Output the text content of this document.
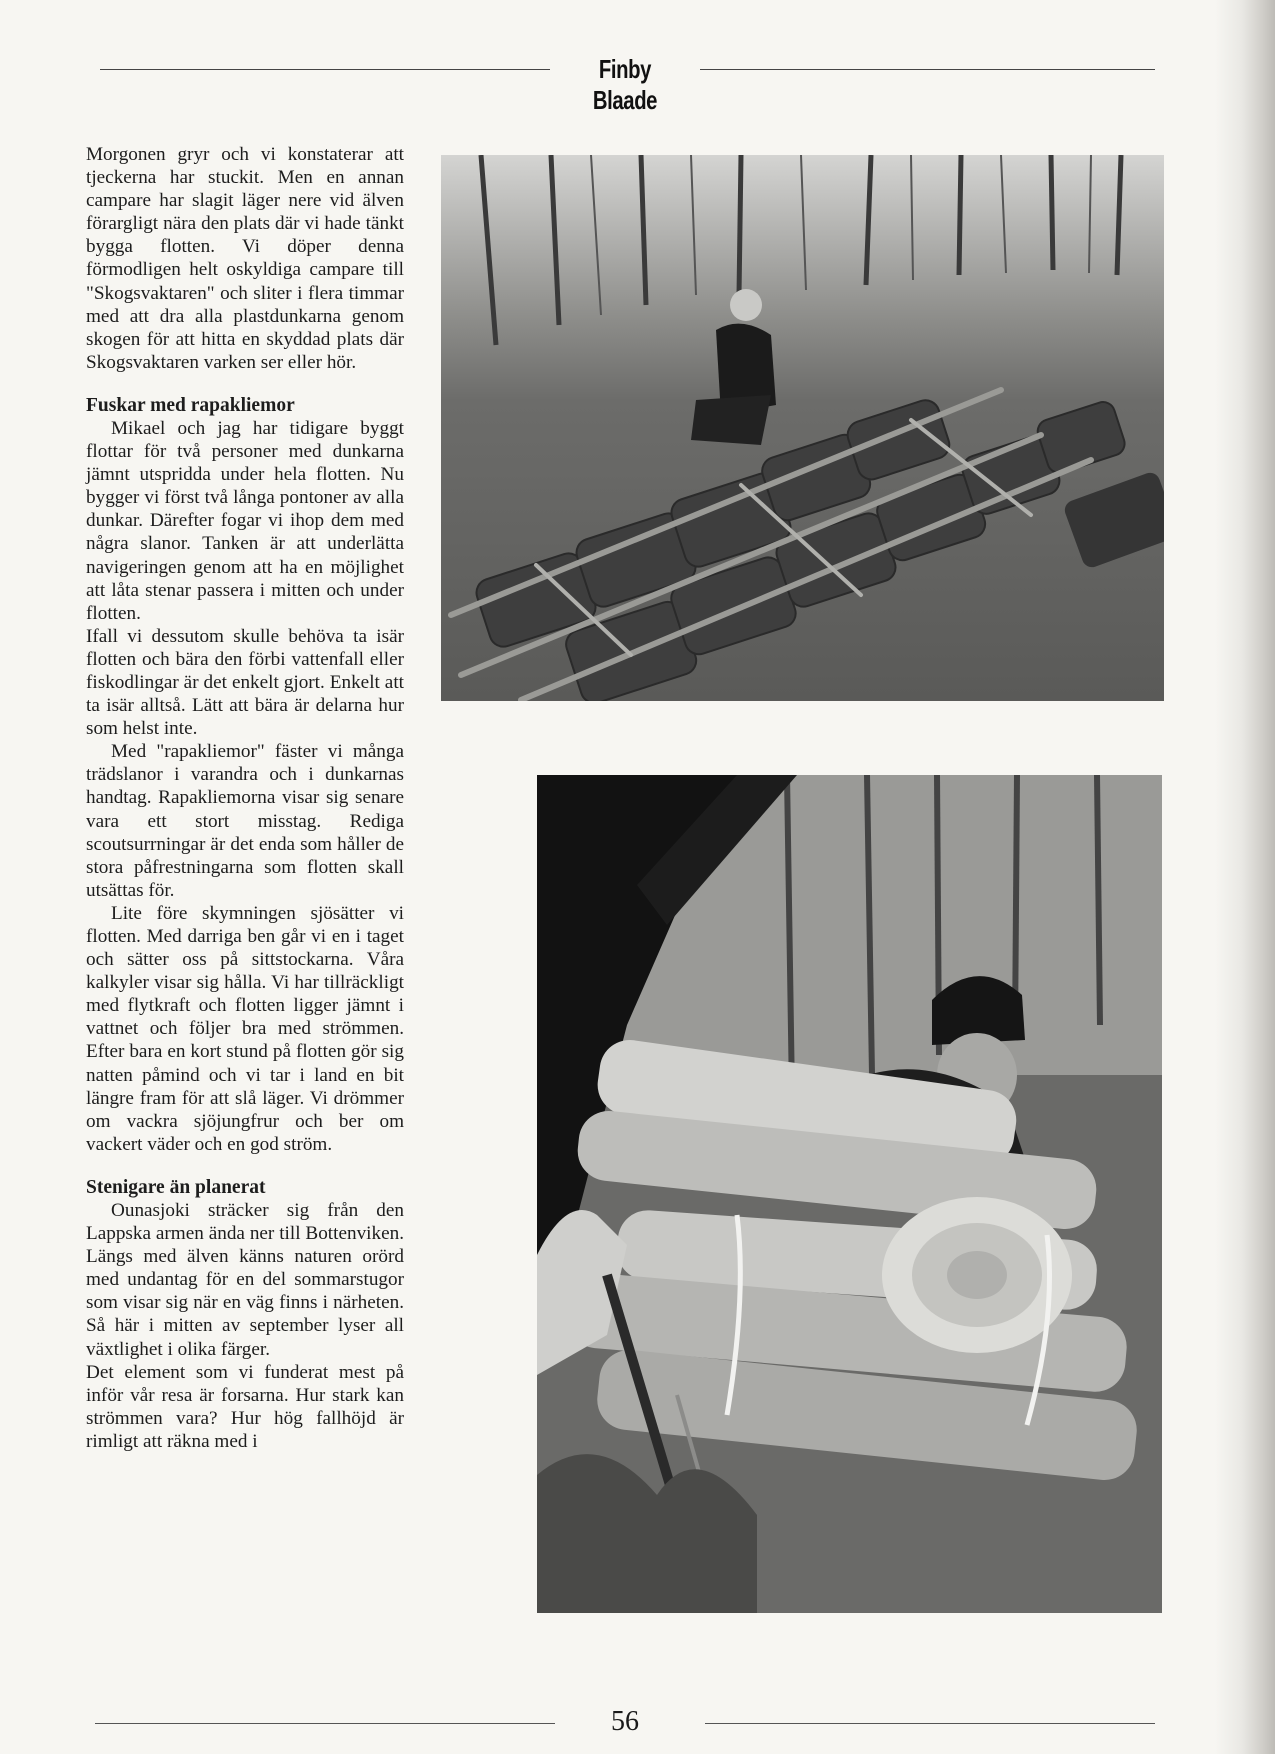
Finby Blaade

Morgonen gryr och vi konstaterar att tjeckerna har stuckit. Men en annan campare har slagit läger nere vid älven förargligt nära den plats där vi hade tänkt bygga flotten. Vi döper denna förmodligen helt oskyldiga campare till "Skogsvaktaren" och sliter i flera timmar med att dra alla plastdunkarna genom skogen för att hitta en skyddad plats där Skogsvaktaren varken ser eller hör.

Fuskar med rapakliemor

Mikael och jag har tidigare byggt flottar för två personer med dunkarna jämnt utspridda under hela flotten. Nu bygger vi först två långa pontoner av alla dunkar. Därefter fogar vi ihop dem med några slanor. Tanken är att underlätta navigeringen genom att ha en möjlighet att låta stenar passera i mitten och under flotten.

Ifall vi dessutom skulle behöva ta isär flotten och bära den förbi vattenfall eller fiskodlingar är det enkelt gjort. Enkelt att ta isär alltså. Lätt att bära är delarna hur som helst inte.

Med "rapakliemor" fäster vi många trädslanor i varandra och i dunkarnas handtag. Rapakliemorna visar sig senare vara ett stort misstag. Rediga scoutsurrningar är det enda som håller de stora påfrestningarna som flotten skall utsättas för.

Lite före skymningen sjösätter vi flotten. Med darriga ben går vi en i taget och sätter oss på sittstockarna. Våra kalkyler visar sig hålla. Vi har tillräckligt med flytkraft och flotten ligger jämnt i vattnet och följer bra med strömmen. Efter bara en kort stund på flotten gör sig natten påmind och vi tar i land en bit längre fram för att slå läger. Vi drömmer om vackra sjöjungfrur och ber om vackert väder och en god ström.

Stenigare än planerat

Ounasjoki sträcker sig från den Lappska armen ända ner till Bottenviken. Längs med älven känns naturen orörd med undantag för en del sommarstugor som visar sig när en väg finns i närheten. Så här i mitten av september lyser all växtlighet i olika färger.

Det element som vi funderat mest på inför vår resa är forsarna. Hur stark kan strömmen vara? Hur hög fallhöjd är rimligt att räkna med i

56
